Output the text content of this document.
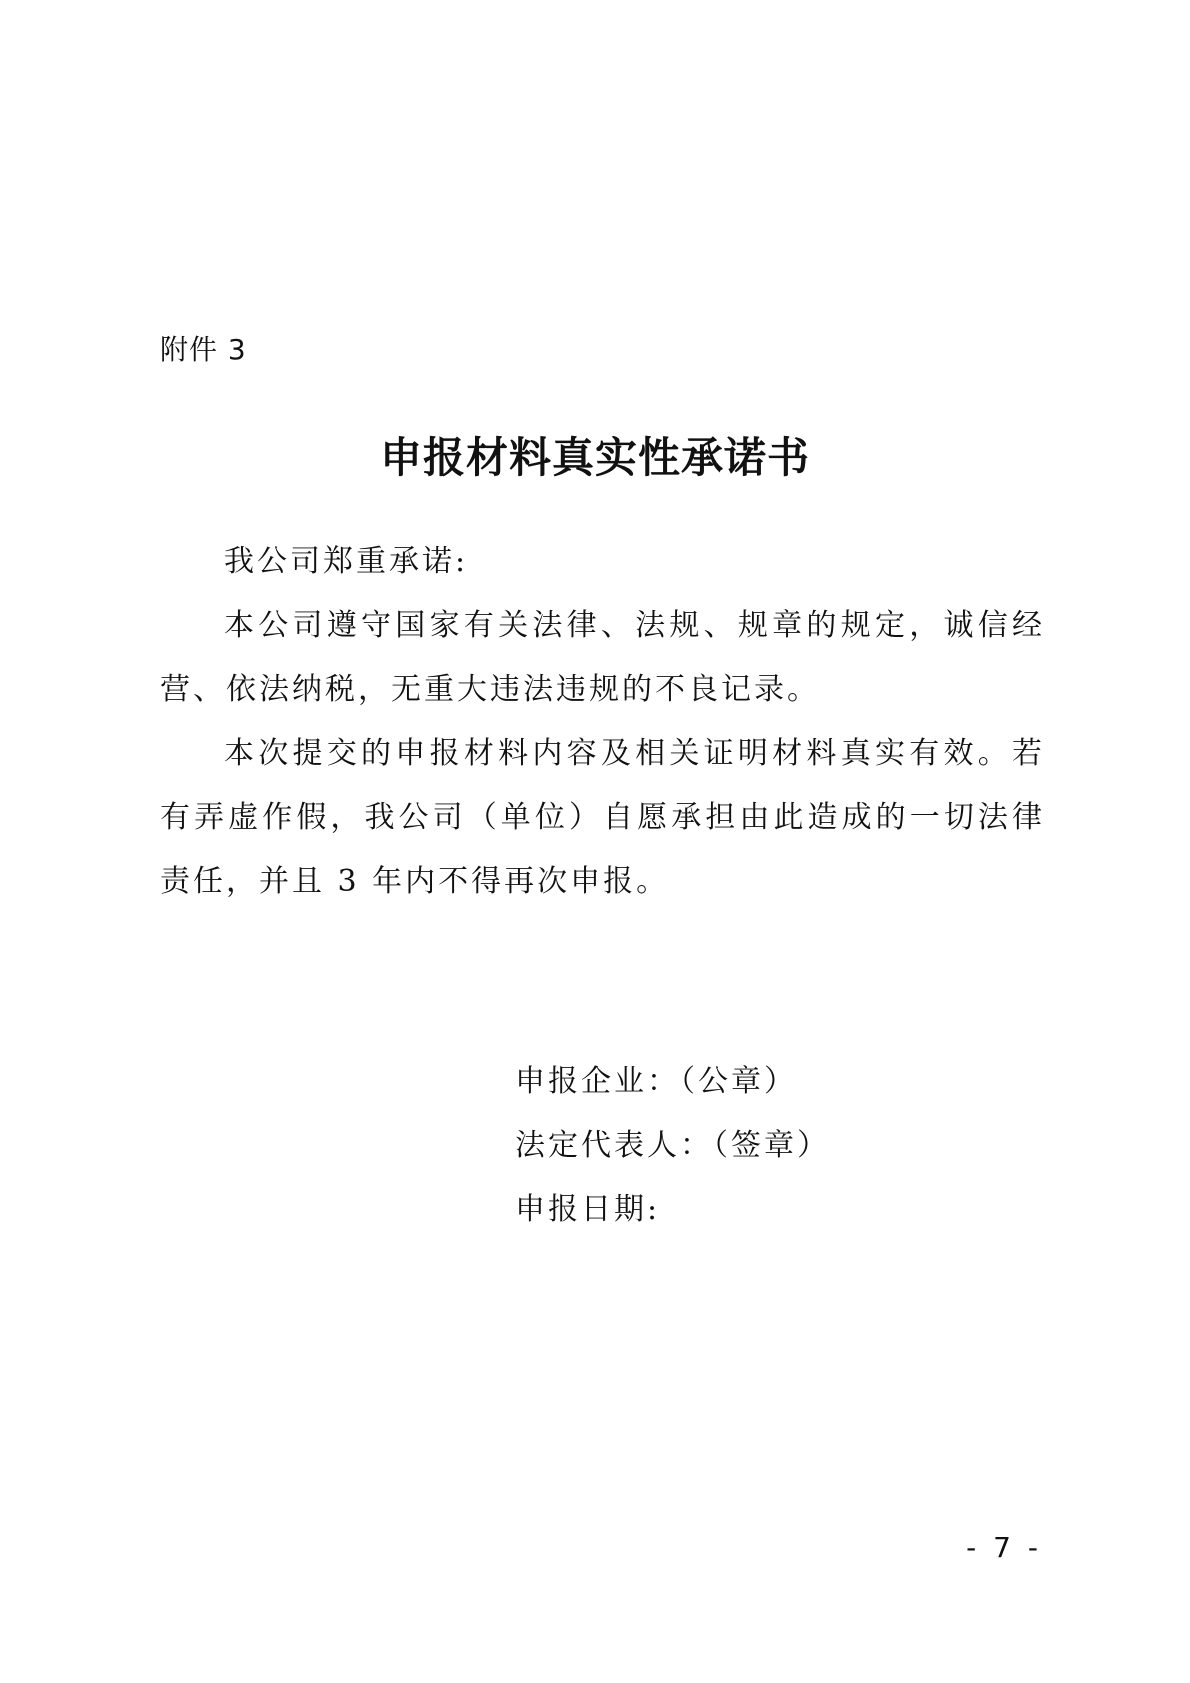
附件 3
申报材料真实性承诺书

我公司郑重承诺:

本公司遵守国家有关法律、法规、规章的规定，诚信经营、依法纳税，无重大违法违规的不良记录。

本次提交的申报材料内容及相关证明材料真实有效。若有弄虚作假，我公司（单位）自愿承担由此造成的一切法律责任，并且 3 年内不得再次申报。

申报企业：（公章）
法定代表人：（签章）
申报日期:
- 7 -
